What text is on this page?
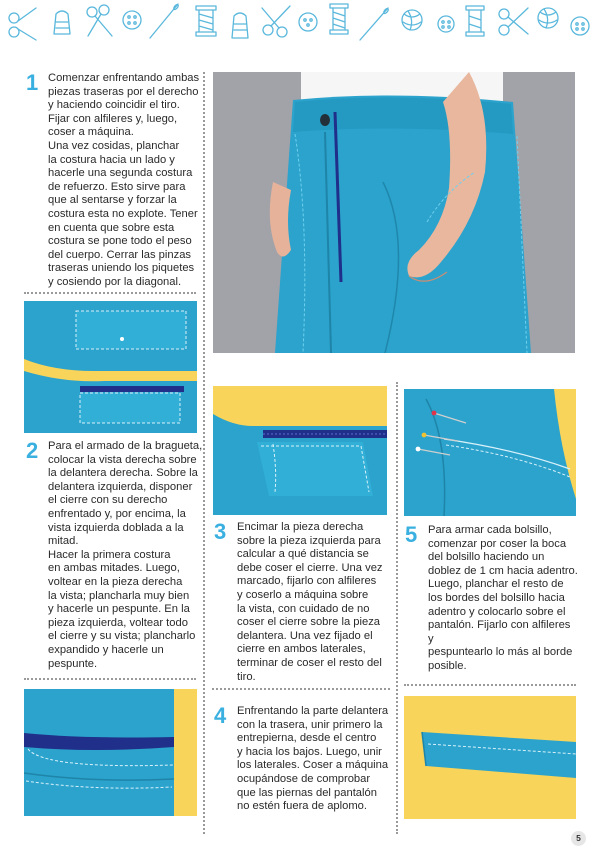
1 Comenzar enfrentando ambas
piezas traseras por el derecho
y haciendo coincidir el tiro.
Fijar con alfileres y, luego,
coser a máquina.
Una vez cosidas, planchar
la costura hacia un lado y
hacerle una segunda costura
de refuerzo. Esto sirve para
que al sentarse y forzar la
costura esta no explote. Tener
en cuenta que sobre esta
costura se pone todo el peso
del cuerpo. Cerrar las pinzas
traseras uniendo los piquetes
y cosiendo por la diagonal.

2 Para el armado de la bragueta,
colocar la vista derecha sobre
la delantera derecha. Sobre la
delantera izquierda, disponer
el cierre con su derecho
enfrentado y, por encima, la
vista izquierda doblada a la
mitad.
Hacer la primera costura
en ambas mitades. Luego,
voltear en la pieza derecha
la vista; plancharla muy bien
y hacerle un pespunte. En la
pieza izquierda, voltear todo
el cierre y su vista; plancharlo
expandido y hacerle un
pespunte.

3 Encimar la pieza derecha
sobre la pieza izquierda para
calcular a qué distancia se
debe coser el cierre. Una vez
marcado, fijarlo con alfileres
y coserlo a máquina sobre
la vista, con cuidado de no
coser el cierre sobre la pieza
delantera. Una vez fijado el
cierre en ambos laterales,
terminar de coser el resto del
tiro.

5 Para armar cada bolsillo,
comenzar por coser la boca
del bolsillo haciendo un
doblez de 1 cm hacia adentro.
Luego, planchar el resto de
los bordes del bolsillo hacia
adentro y colocarlo sobre el
pantalón. Fijarlo con alfileres y
pespuntearlo lo más al borde
posible.

4 Enfrentando la parte delantera
con la trasera, unir primero la
entrepierna, desde el centro
y hacia los bajos. Luego, unir
los laterales. Coser a máquina
ocupándose de comprobar
que las piernas del pantalón
no estén fuera de aplomo.

5
